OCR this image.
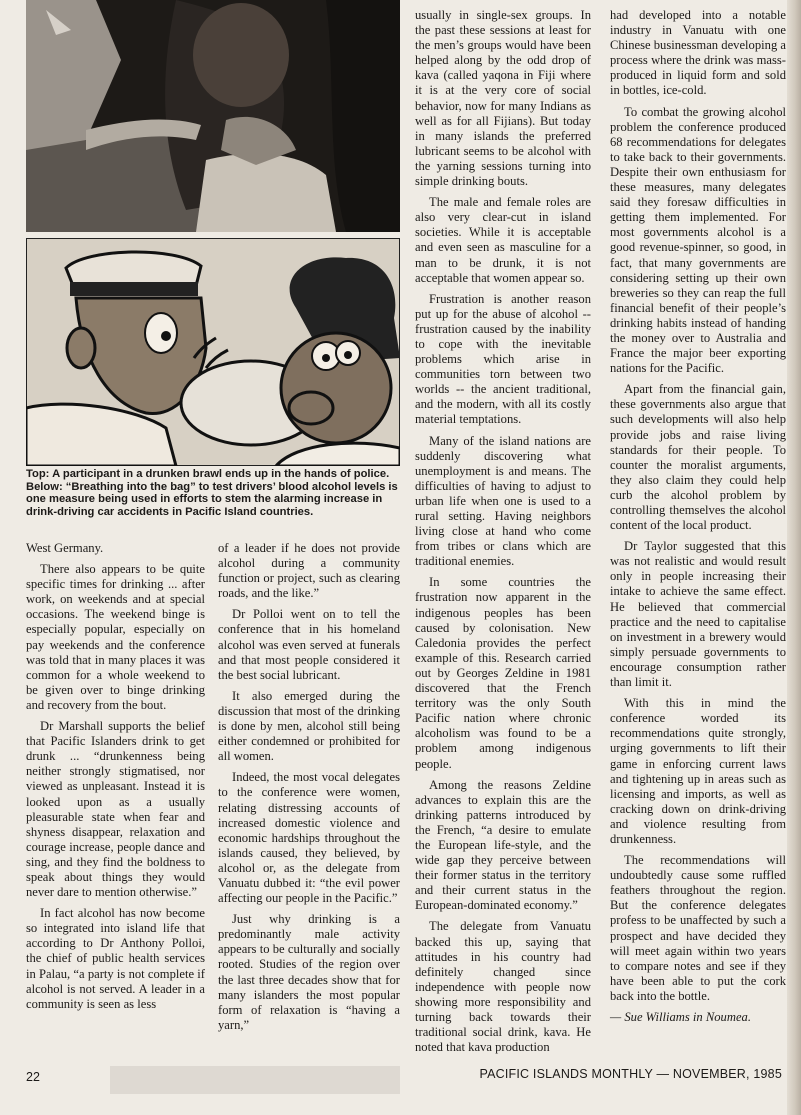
Top: A participant in a drunken brawl ends up in the hands of police. Below: “Breathing into the bag” to test drivers’ blood alcohol levels is one measure being used in efforts to stem the alarming increase in drink-driving car accidents in Pacific Island countries.

West Germany.

There also appears to be quite specific times for drinking ... after work, on weekends and at special occasions. The weekend binge is especially popular, especially on pay weekends and the conference was told that in many places it was common for a whole weekend to be given over to binge drinking and recovery from the bout.

Dr Marshall supports the belief that Pacific Islanders drink to get drunk ... “drunkenness being neither strongly stigmatised, nor viewed as unpleasant. Instead it is looked upon as a usually pleasurable state when fear and shyness disappear, relaxation and courage increase, people dance and sing, and they find the boldness to speak about things they would never dare to mention otherwise.”

In fact alcohol has now become so integrated into island life that according to Dr Anthony Polloi, the chief of public health services in Palau, “a party is not complete if alcohol is not served. A leader in a community is seen as less

of a leader if he does not provide alcohol during a community function or project, such as clearing roads, and the like.”

Dr Polloi went on to tell the conference that in his homeland alcohol was even served at funerals and that most people considered it the best social lubricant.

It also emerged during the discussion that most of the drinking is done by men, alcohol still being either condemned or prohibited for all women.

Indeed, the most vocal delegates to the conference were women, relating distressing accounts of increased domestic violence and economic hardships throughout the islands caused, they believed, by alcohol or, as the delegate from Vanuatu dubbed it: “the evil power affecting our people in the Pacific.”

Just why drinking is a predominantly male activity appears to be culturally and socially rooted. Studies of the region over the last three decades show that for many islanders the most popular form of relaxation is “having a yarn,”

usually in single-sex groups. In the past these sessions at least for the men’s groups would have been helped along by the odd drop of kava (called yaqona in Fiji where it is at the very core of social behavior, now for many Indians as well as for all Fijians). But today in many islands the preferred lubricant seems to be alcohol with the yarning sessions turning into simple drinking bouts.

The male and female roles are also very clear-cut in island societies. While it is acceptable and even seen as masculine for a man to be drunk, it is not acceptable that women appear so.

Frustration is another reason put up for the abuse of alcohol -- frustration caused by the inability to cope with the inevitable problems which arise in communities torn between two worlds -- the ancient traditional, and the modern, with all its costly material temptations.

Many of the island nations are suddenly discovering what unemployment is and means. The difficulties of having to adjust to urban life when one is used to a rural setting. Having neighbors living close at hand who come from tribes or clans which are traditional enemies.

In some countries the frustration now apparent in the indigenous peoples has been caused by colonisation. New Caledonia provides the perfect example of this. Research carried out by Georges Zeldine in 1981 discovered that the French territory was the only South Pacific nation where chronic alcoholism was found to be a problem among indigenous people.

Among the reasons Zeldine advances to explain this are the drinking patterns introduced by the French, “a desire to emulate the European life-style, and the wide gap they perceive between their former status in the territory and their current status in the European-dominated economy.”

The delegate from Vanuatu backed this up, saying that attitudes in his country had definitely changed since independence with people now showing more responsibility and turning back towards their traditional social drink, kava. He noted that kava production

had developed into a notable industry in Vanuatu with one Chinese businessman developing a process where the drink was mass-produced in liquid form and sold in bottles, ice-cold.

To combat the growing alcohol problem the conference produced 68 recommendations for delegates to take back to their governments. Despite their own enthusiasm for these measures, many delegates said they foresaw difficulties in getting them implemented. For most governments alcohol is a good revenue-spinner, so good, in fact, that many governments are considering setting up their own breweries so they can reap the full financial benefit of their people’s drinking habits instead of handing the money over to Australia and France the major beer exporting nations for the Pacific.

Apart from the financial gain, these governments also argue that such developments will also help provide jobs and raise living standards for their people. To counter the moralist arguments, they also claim they could help curb the alcohol problem by controlling themselves the alcohol content of the local product.

Dr Taylor suggested that this was not realistic and would result only in people increasing their intake to achieve the same effect. He believed that commercial practice and the need to capitalise on investment in a brewery would simply persuade governments to encourage consumption rather than limit it.

With this in mind the conference worded its recommendations quite strongly, urging governments to lift their game in enforcing current laws and tightening up in areas such as licensing and imports, as well as cracking down on drink-driving and violence resulting from drunkenness.

The recommendations will undoubtedly cause some ruffled feathers throughout the region. But the conference delegates profess to be unaffected by such a prospect and have decided they will meet again within two years to compare notes and see if they have been able to put the cork back into the bottle.

— Sue Williams in Noumea.

22	PACIFIC ISLANDS MONTHLY — NOVEMBER, 1985
